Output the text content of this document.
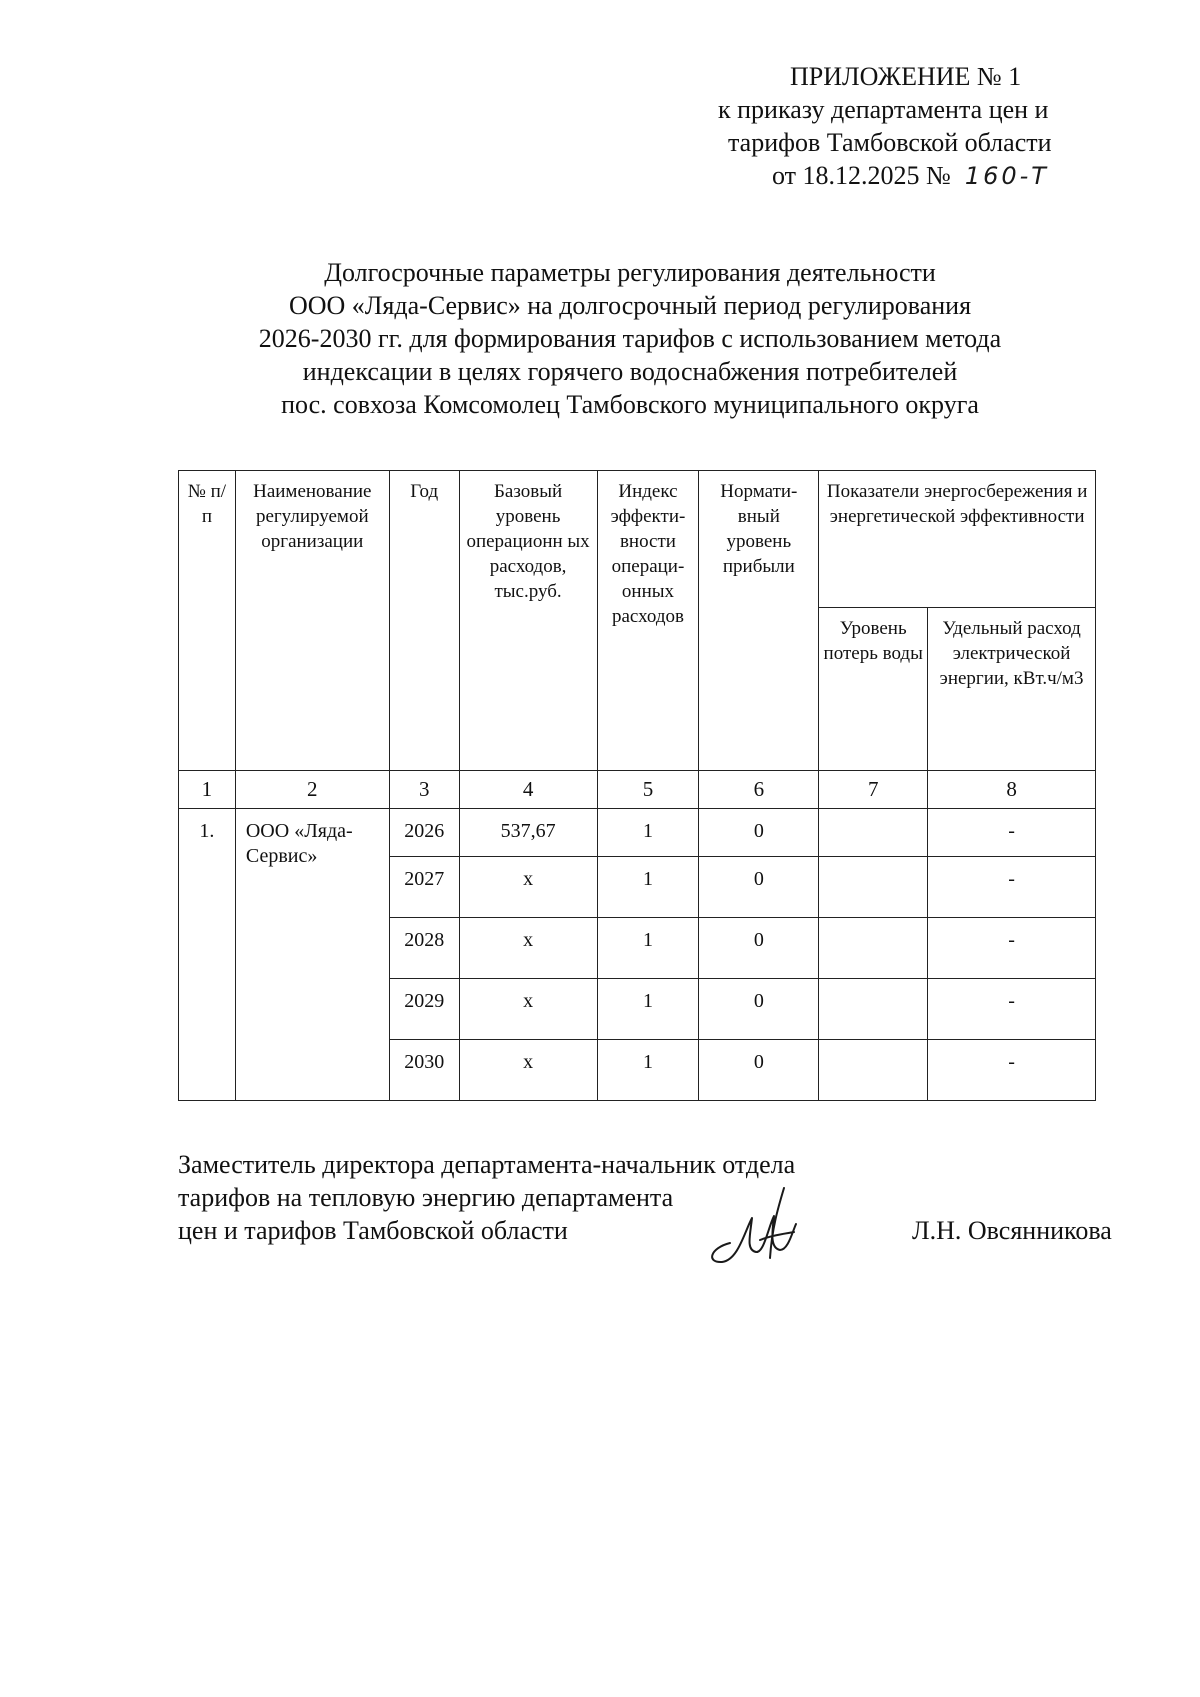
ПРИЛОЖЕНИЕ № 1
к приказу департамента цен и
тарифов Тамбовской области
от 18.12.2025 № 160-Т
Долгосрочные параметры регулирования деятельности
ООО «Ляда-Сервис» на долгосрочный период регулирования
2026-2030 гг. для формирования тарифов с использованием метода
индексации в целях горячего водоснабжения потребителей
пос. совхоза Комсомолец Тамбовского муниципального округа
№ п/п	Наименование регулируемой организации	Год	Базовый уровень операционн ых расходов, тыс.руб.	Индекс эффекти-вности операци-онных расходов	Нормати-вный уровень прибыли	Показатели энергосбережения и энергетической эффективности	
						Уровень потерь воды	Удельный расход электрической энергии, кВт.ч/м3
1	2	3	4	5	6	7	8
1.	ООО «Ляда-Сервис»	2026	537,67	1	0		-
		2027	х	1	0		-
		2028	х	1	0		-
		2029	х	1	0		-
		2030	х	1	0		-
Заместитель директора департамента-начальник отдела
тарифов на тепловую энергию департамента
цен и тарифов Тамбовской области	Л.Н. Овсянникова
